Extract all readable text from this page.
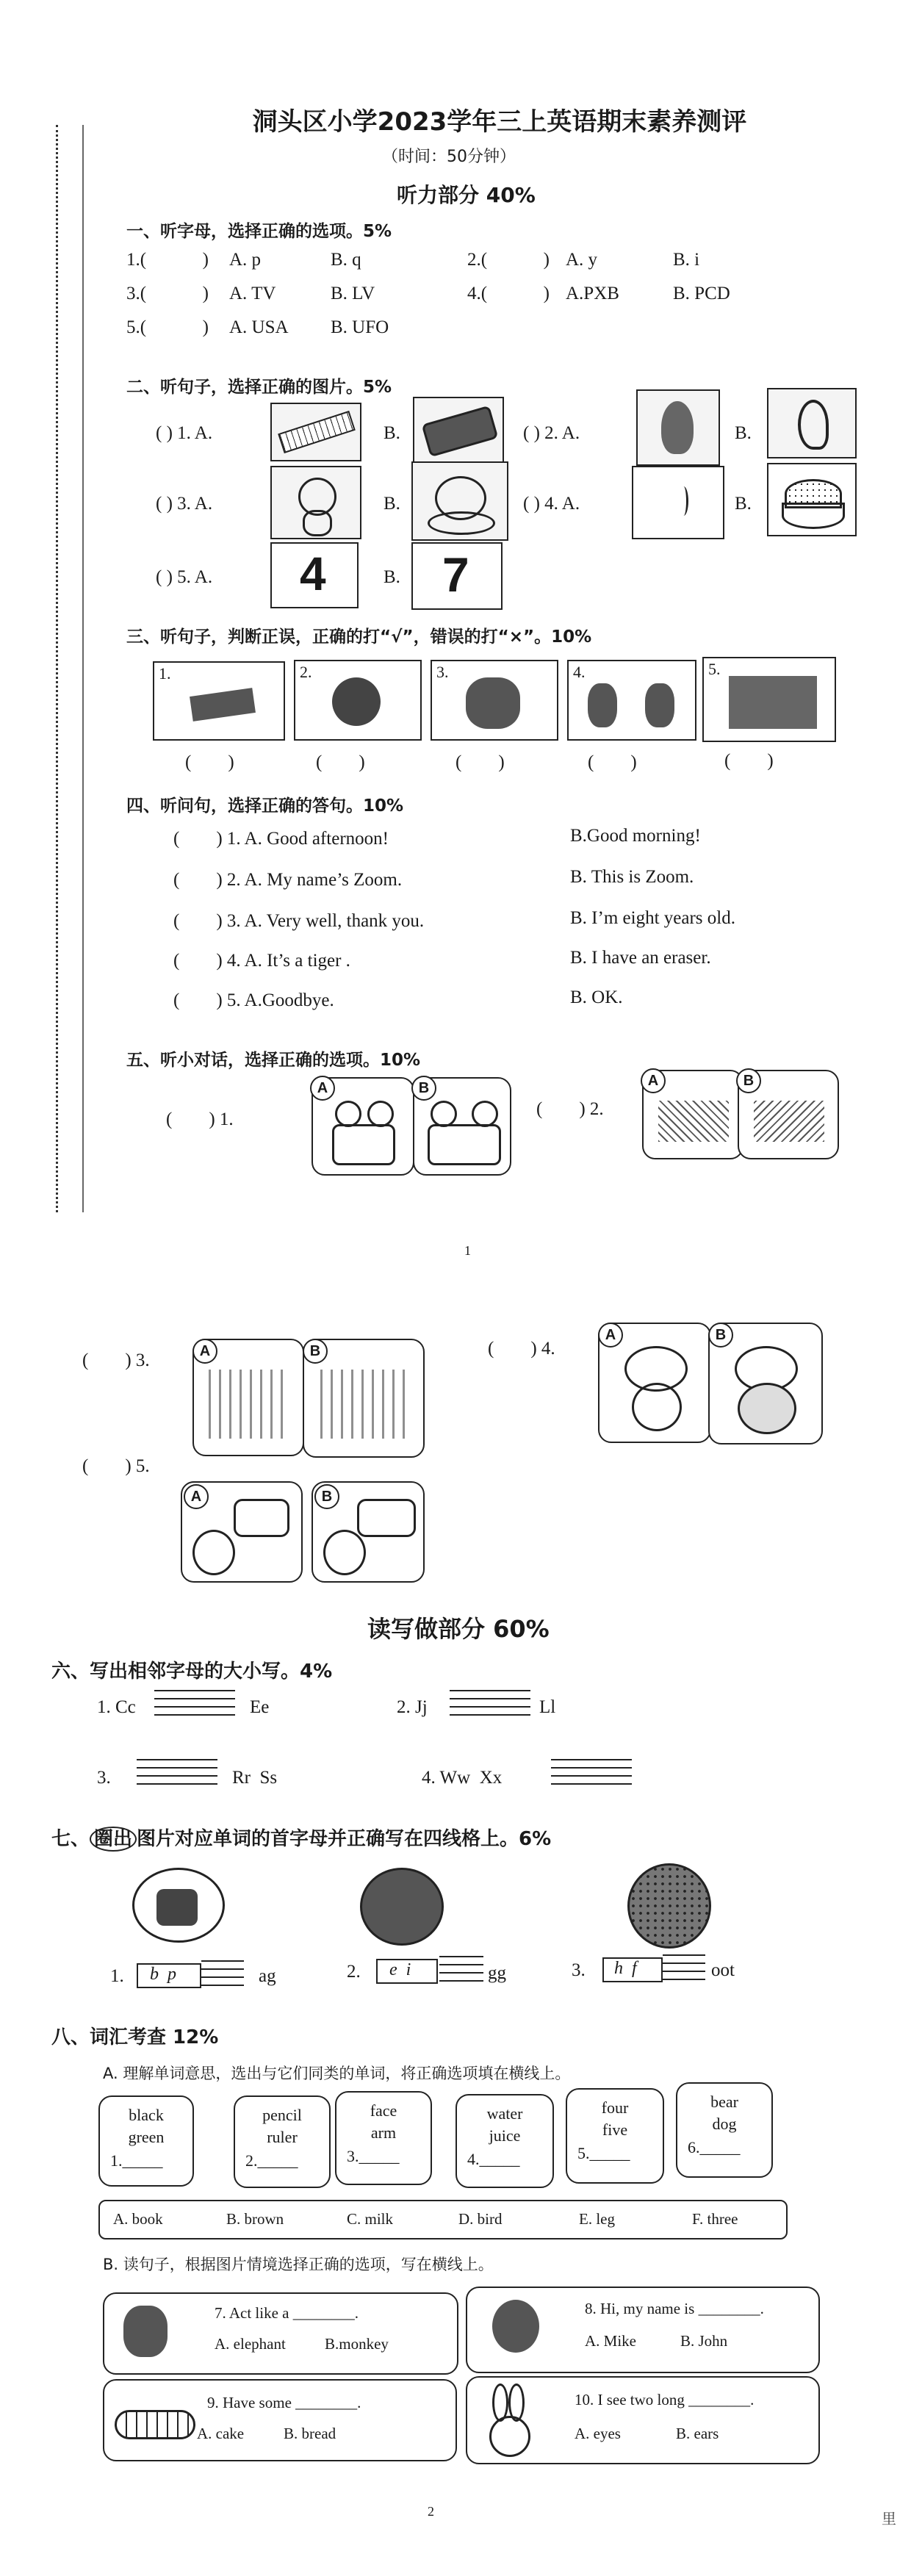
洞头区小学2023学年三上英语期末素养测评
（时间：50分钟）
听力部分 40%
一、听字母，选择正确的选项。5%
1.(	) A. p	B. q	2.(	) A. y	B. i
3.(	) A. TV	B. LV	4.(	) A.PXB	B. PCD
5.(	) A. USA B. UFO
二、听句子，选择正确的图片。5%
( ) 1. A.	B.	( ) 2. A.	B.
( ) 3. A.	B.	( ) 4. A.	B.
( ) 5. A. 4	B. 7
三、听句子，判断正误，正确的打“√”，错误的打“×”。10%
1.	2.	3.	4.	5.
(        )	(        )	(        )	(        )	(        )
四、听问句，选择正确的答句。10%
(        ) 1. A. Good afternoon!	B.Good morning!
(        ) 2. A. My name’s Zoom.	B. This is Zoom.
(        ) 3. A. Very well, thank you.	B. I’m eight years old.
(        ) 4. A. It’s a tiger .	B. I have an eraser.
(        ) 5. A.Goodbye.	B. OK.
五、听小对话，选择正确的选项。10%
(        ) 1.
A	B
(        ) 2.
A	B
1
(        ) 3.	A	B	(        ) 4.
A	B
(        ) 5.
A	B
读写做部分 60%
六、写出相邻字母的大小写。4%
1. Cc	Ee	2. Jj	Ll
3.	Rr  Ss	4. Ww  Xx
七、 圈出 图片对应单词的首字母并正确写在四线格上。6%
1. b  p	ag	2. e  i	gg	3. h  f	oot
八、词汇考查 12%
A. 理解单词意思，选出与它们同类的单词，将正确选项填在横线上。
black
green
1._____
pencil
ruler
2._____
face
arm
3._____
water
juice
4._____
four
five
5._____
bear
dog
6._____
A. book	B. brown	C. milk	D. bird	E. leg	F. three
B. 读句子，根据图片情境选择正确的选项，写在横线上。
7. Act like a ________.
A. elephant	B.monkey
8. Hi, my name is ________.
A. Mike	B. John
9. Have some ________.
A. cake	B. bread
10. I see two long ________.
A. eyes	B. ears
2	里
